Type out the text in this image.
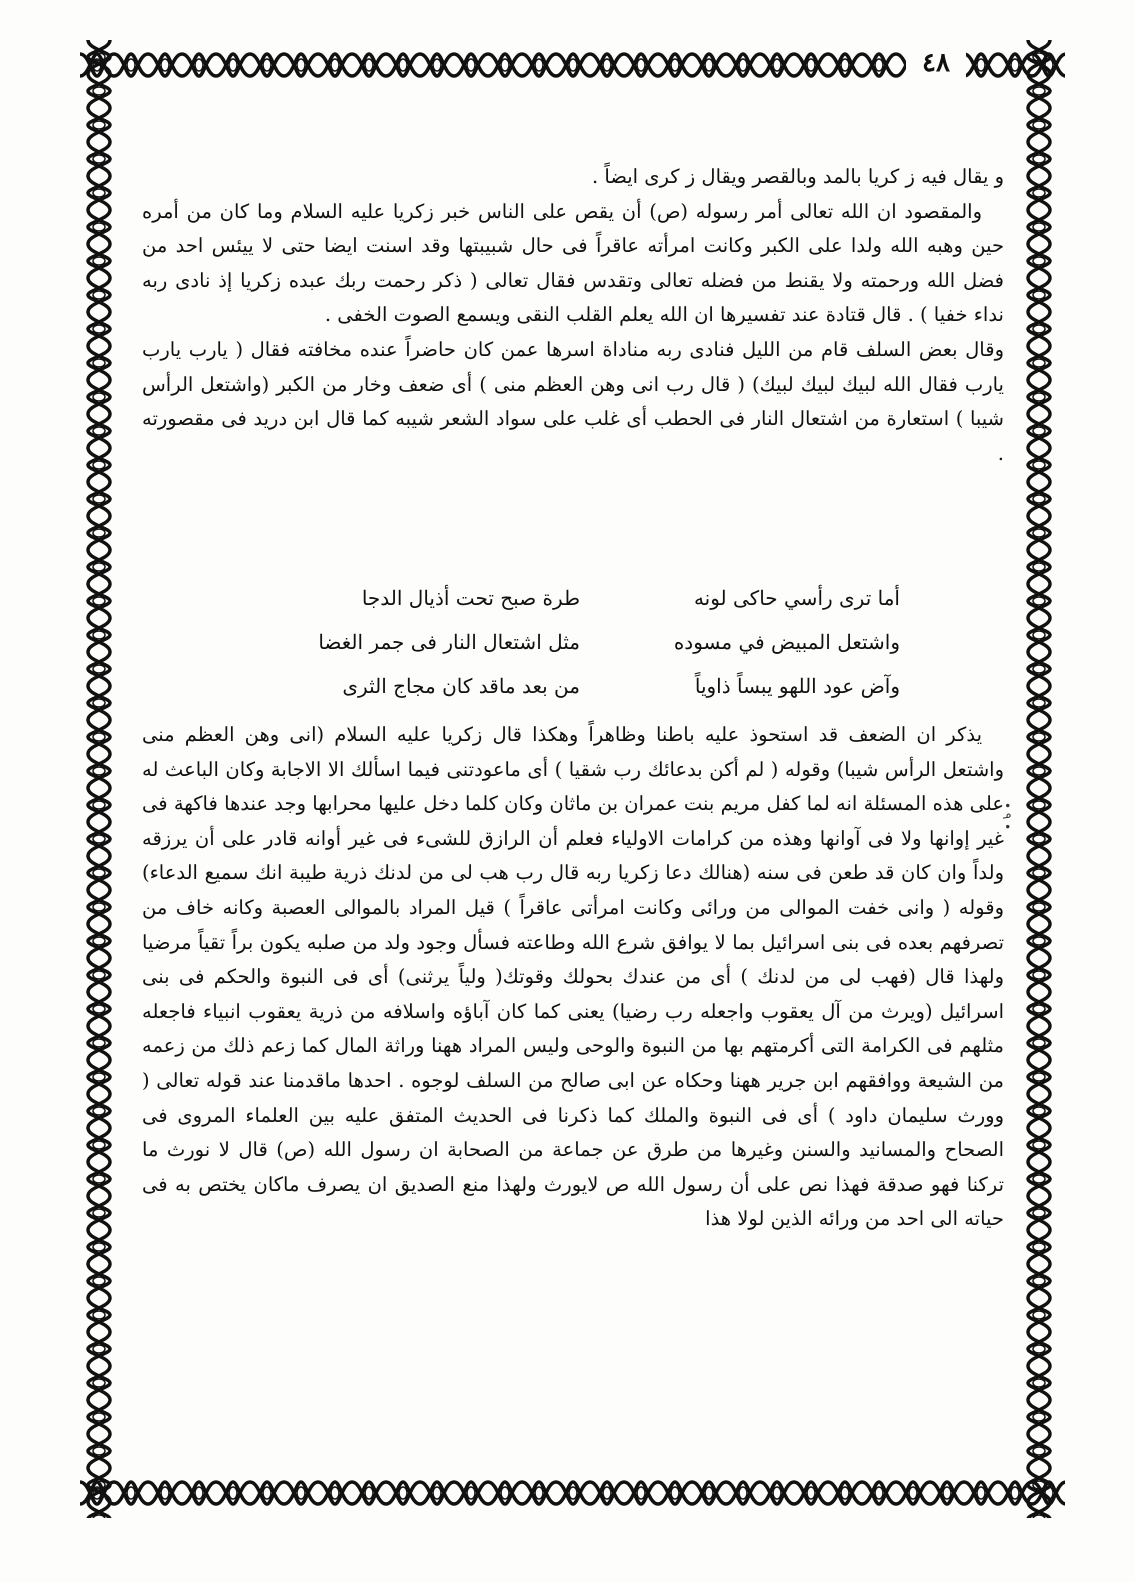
٤٨

و يقال فيه ز كريا بالمد وبالقصر ويقال ز كرى ايضاً .

والمقصود ان الله تعالى أمر رسوله (ص) أن يقص على الناس خبر زكريا عليه السلام وما كان من أمره حين وهبه الله ولدا على الكبر وكانت امرأته عاقراً فى حال شبيبتها وقد اسنت ايضا حتى لا ييئس احد من فضل الله ورحمته ولا يقنط من فضله تعالى وتقدس فقال تعالى ( ذكر رحمت ربك عبده زكريا إذ نادى ربه نداء خفيا ) . قال قتادة عند تفسيرها ان الله يعلم القلب النقى ويسمع الصوت الخفى .

وقال بعض السلف قام من الليل فنادى ربه مناداة اسرها عمن كان حاضراً عنده مخافته فقال ( يارب يارب يارب فقال الله لبيك لبيك لبيك) ( قال رب انى وهن العظم منى ) أى ضعف وخار من الكبر (واشتعل الرأس شيبا ) استعارة من اشتعال النار فى الحطب أى غلب على سواد الشعر شيبه كما قال ابن دريد فى مقصورته .

أما ترى رأسي حاكى لونه
طرة صبح تحت أذيال الدجا
واشتعل المبيض في مسوده
مثل اشتعال النار فى جمر الغضا
وآض عود اللهو يبساً ذاوياً
من بعد ماقد كان مجاج الثرى

يذكر ان الضعف قد استحوذ عليه باطنا وظاهراً وهكذا قال زكريا عليه السلام (انى وهن العظم منى واشتعل الرأس شيبا) وقوله ( لم أكن بدعائك رب شقيا ) أى ماعودتنى فيما اسألك الا الاجابة وكان الباعث له على هذه المسئلة انه لما كفل مريم بنت عمران بن ماثان وكان كلما دخل عليها محرابها وجد عندها فاكهة فى غير إوانها ولا فى آوانها وهذه من كرامات الاولياء فعلم أن الرازق للشىء فى غير أوانه قادر على أن يرزقه ولداً وان كان قد طعن فى سنه (هنالك دعا زكريا ربه قال رب هب لى من لدنك ذرية طيبة انك سميع الدعاء) وقوله ( وانى خفت الموالى من ورائى وكانت امرأتى عاقراً ) قيل المراد بالموالى العصبة وكانه خاف من تصرفهم بعده فى بنى اسرائيل بما لا يوافق شرع الله وطاعته فسأل وجود ولد من صلبه يكون براً تقياً مرضيا ولهذا قال (فهب لى من لدنك ) أى من عندك بحولك وقوتك( ولياً يرثنى) أى فى النبوة والحكم فى بنى اسرائيل (ويرث من آل يعقوب واجعله رب رضيا) يعنى كما كان آباؤه واسلافه من ذرية يعقوب انبياء فاجعله مثلهم فى الكرامة التى أكرمتهم بها من النبوة والوحى وليس المراد ههنا وراثة المال كما زعم ذلك من زعمه من الشيعة ووافقهم ابن جرير ههنا وحكاه عن ابى صالح من السلف لوجوه . احدها ماقدمنا عند قوله تعالى ( وورث سليمان داود ) أى فى النبوة والملك كما ذكرنا فى الحديث المتفق عليه بين العلماء المروى فى الصحاح والمسانيد والسنن وغيرها من طرق عن جماعة من الصحابة ان رسول الله (ص) قال لا نورث ما تركنا فهو صدقة فهذا نص على أن رسول الله ص لايورث ولهذا منع الصديق ان يصرف ماكان يختص به فى حياته الى احد من ورائه الذين لولا هذا

• ٩ •
